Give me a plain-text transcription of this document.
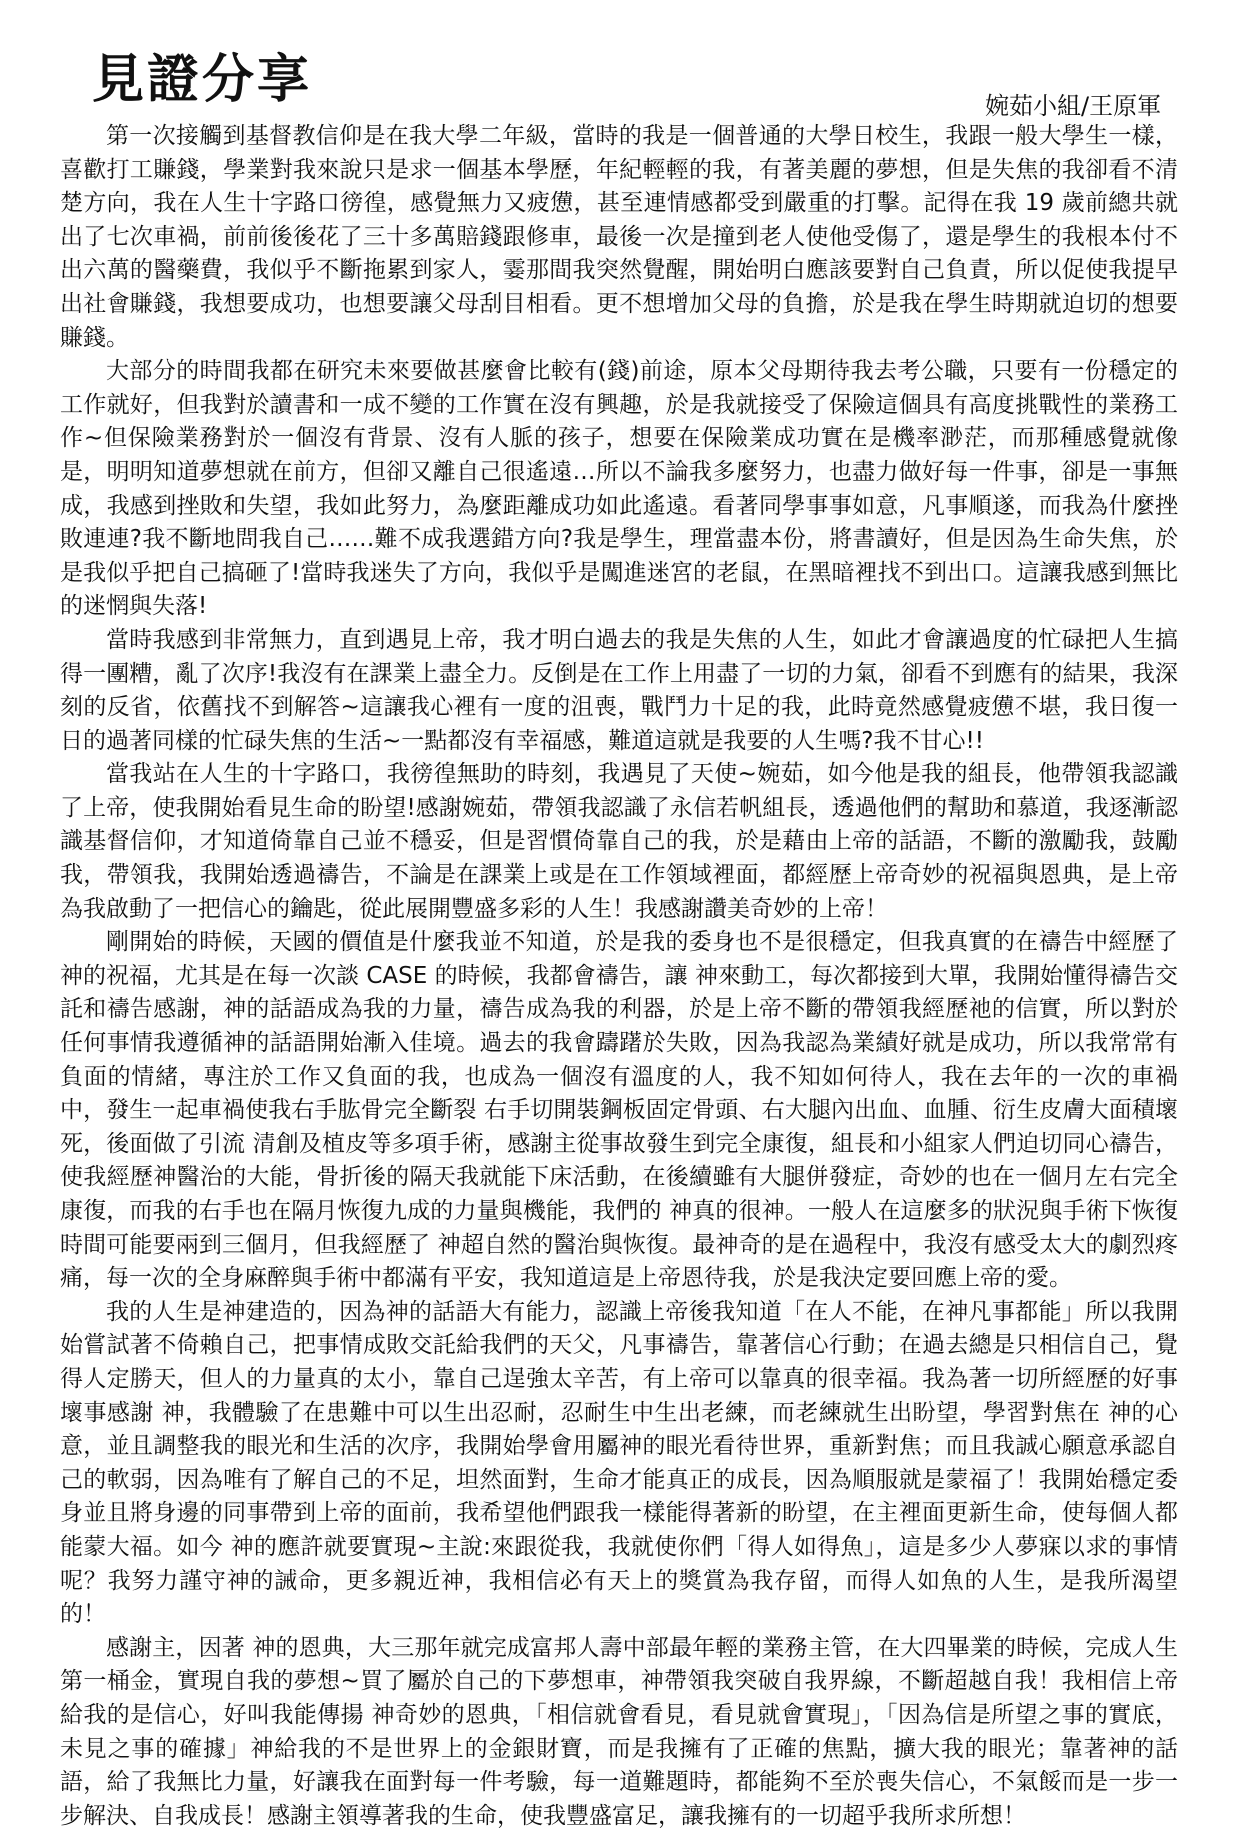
見證分享	婉茹小組/王原軍

第一次接觸到基督教信仰是在我大學二年級，當時的我是一個普通的大學日校生，我跟一般大學生一樣，喜歡打工賺錢，學業對我來說只是求一個基本學歷，年紀輕輕的我，有著美麗的夢想，但是失焦的我卻看不清楚方向，我在人生十字路口徬徨，感覺無力又疲憊，甚至連情感都受到嚴重的打擊。記得在我 19 歲前總共就出了七次車禍，前前後後花了三十多萬賠錢跟修車，最後一次是撞到老人使他受傷了，還是學生的我根本付不出六萬的醫藥費，我似乎不斷拖累到家人，霎那間我突然覺醒，開始明白應該要對自己負責，所以促使我提早出社會賺錢，我想要成功，也想要讓父母刮目相看。更不想增加父母的負擔，於是我在學生時期就迫切的想要賺錢。

大部分的時間我都在研究未來要做甚麼會比較有(錢)前途，原本父母期待我去考公職，只要有一份穩定的工作就好，但我對於讀書和一成不變的工作實在沒有興趣，於是我就接受了保險這個具有高度挑戰性的業務工作~但保險業務對於一個沒有背景、沒有人脈的孩子，想要在保險業成功實在是機率渺茫，而那種感覺就像是，明明知道夢想就在前方，但卻又離自己很遙遠…所以不論我多麼努力，也盡力做好每一件事，卻是一事無成，我感到挫敗和失望，我如此努力，為麼距離成功如此遙遠。看著同學事事如意，凡事順遂，而我為什麼挫敗連連?我不斷地問我自己……難不成我選錯方向?我是學生，理當盡本份，將書讀好，但是因為生命失焦，於是我似乎把自己搞砸了!當時我迷失了方向，我似乎是闖進迷宮的老鼠，在黑暗裡找不到出口。這讓我感到無比的迷惘與失落!

當時我感到非常無力，直到遇見上帝，我才明白過去的我是失焦的人生，如此才會讓過度的忙碌把人生搞得一團糟，亂了次序!我沒有在課業上盡全力。反倒是在工作上用盡了一切的力氣，卻看不到應有的結果，我深刻的反省，依舊找不到解答~這讓我心裡有一度的沮喪，戰鬥力十足的我，此時竟然感覺疲憊不堪，我日復一日的過著同樣的忙碌失焦的生活~一點都沒有幸福感，難道這就是我要的人生嗎?我不甘心!!

當我站在人生的十字路口，我徬徨無助的時刻，我遇見了天使~婉茹，如今他是我的組長，他帶領我認識了上帝，使我開始看見生命的盼望!感謝婉茹，帶領我認識了永信若帆組長，透過他們的幫助和慕道，我逐漸認識基督信仰，才知道倚靠自己並不穩妥，但是習慣倚靠自己的我，於是藉由上帝的話語，不斷的激勵我，鼓勵我，帶領我，我開始透過禱告，不論是在課業上或是在工作領域裡面，都經歷上帝奇妙的祝福與恩典，是上帝為我啟動了一把信心的鑰匙，從此展開豐盛多彩的人生！我感謝讚美奇妙的上帝！

剛開始的時候，天國的價值是什麼我並不知道，於是我的委身也不是很穩定，但我真實的在禱告中經歷了神的祝福，尤其是在每一次談 CASE 的時候，我都會禱告，讓 神來動工，每次都接到大單，我開始懂得禱告交託和禱告感謝，神的話語成為我的力量，禱告成為我的利器，於是上帝不斷的帶領我經歷祂的信實，所以對於任何事情我遵循神的話語開始漸入佳境。過去的我會躊躇於失敗，因為我認為業績好就是成功，所以我常常有負面的情緒，專注於工作又負面的我，也成為一個沒有溫度的人，我不知如何待人，我在去年的一次的車禍中，發生一起車禍使我右手肱骨完全斷裂 右手切開裝鋼板固定骨頭、右大腿內出血、血腫、衍生皮膚大面積壞死，後面做了引流 清創及植皮等多項手術，感謝主從事故發生到完全康復，組長和小組家人們迫切同心禱告，使我經歷神醫治的大能，骨折後的隔天我就能下床活動，在後續雖有大腿併發症，奇妙的也在一個月左右完全康復，而我的右手也在隔月恢復九成的力量與機能，我們的 神真的很神。一般人在這麼多的狀況與手術下恢復時間可能要兩到三個月，但我經歷了 神超自然的醫治與恢復。最神奇的是在過程中，我沒有感受太大的劇烈疼痛，每一次的全身麻醉與手術中都滿有平安，我知道這是上帝恩待我，於是我決定要回應上帝的愛。

我的人生是神建造的，因為神的話語大有能力，認識上帝後我知道「在人不能，在神凡事都能」所以我開始嘗試著不倚賴自己，把事情成敗交託給我們的天父，凡事禱告，靠著信心行動；在過去總是只相信自己，覺得人定勝天，但人的力量真的太小，靠自己逞強太辛苦，有上帝可以靠真的很幸福。我為著一切所經歷的好事壞事感謝 神，我體驗了在患難中可以生出忍耐，忍耐生中生出老練，而老練就生出盼望，學習對焦在 神的心意，並且調整我的眼光和生活的次序，我開始學會用屬神的眼光看待世界，重新對焦；而且我誠心願意承認自己的軟弱，因為唯有了解自己的不足，坦然面對，生命才能真正的成長，因為順服就是蒙福了！我開始穩定委身並且將身邊的同事帶到上帝的面前，我希望他們跟我一樣能得著新的盼望，在主裡面更新生命，使每個人都能蒙大福。如今 神的應許就要實現~主說:來跟從我，我就使你們「得人如得魚」，這是多少人夢寐以求的事情呢？我努力謹守神的誡命，更多親近神，我相信必有天上的獎賞為我存留，而得人如魚的人生，是我所渴望的！

感謝主，因著 神的恩典，大三那年就完成富邦人壽中部最年輕的業務主管，在大四畢業的時候，完成人生第一桶金，實現自我的夢想~買了屬於自己的下夢想車，神帶領我突破自我界線，不斷超越自我！我相信上帝給我的是信心，好叫我能傳揚 神奇妙的恩典，「相信就會看見，看見就會實現」，「因為信是所望之事的實底，未見之事的確據」神給我的不是世界上的金銀財寶，而是我擁有了正確的焦點，擴大我的眼光；靠著神的話語，給了我無比力量，好讓我在面對每一件考驗，每一道難題時，都能夠不至於喪失信心，不氣餒而是一步一步解決、自我成長！感謝主領導著我的生命，使我豐盛富足，讓我擁有的一切超乎我所求所想！
